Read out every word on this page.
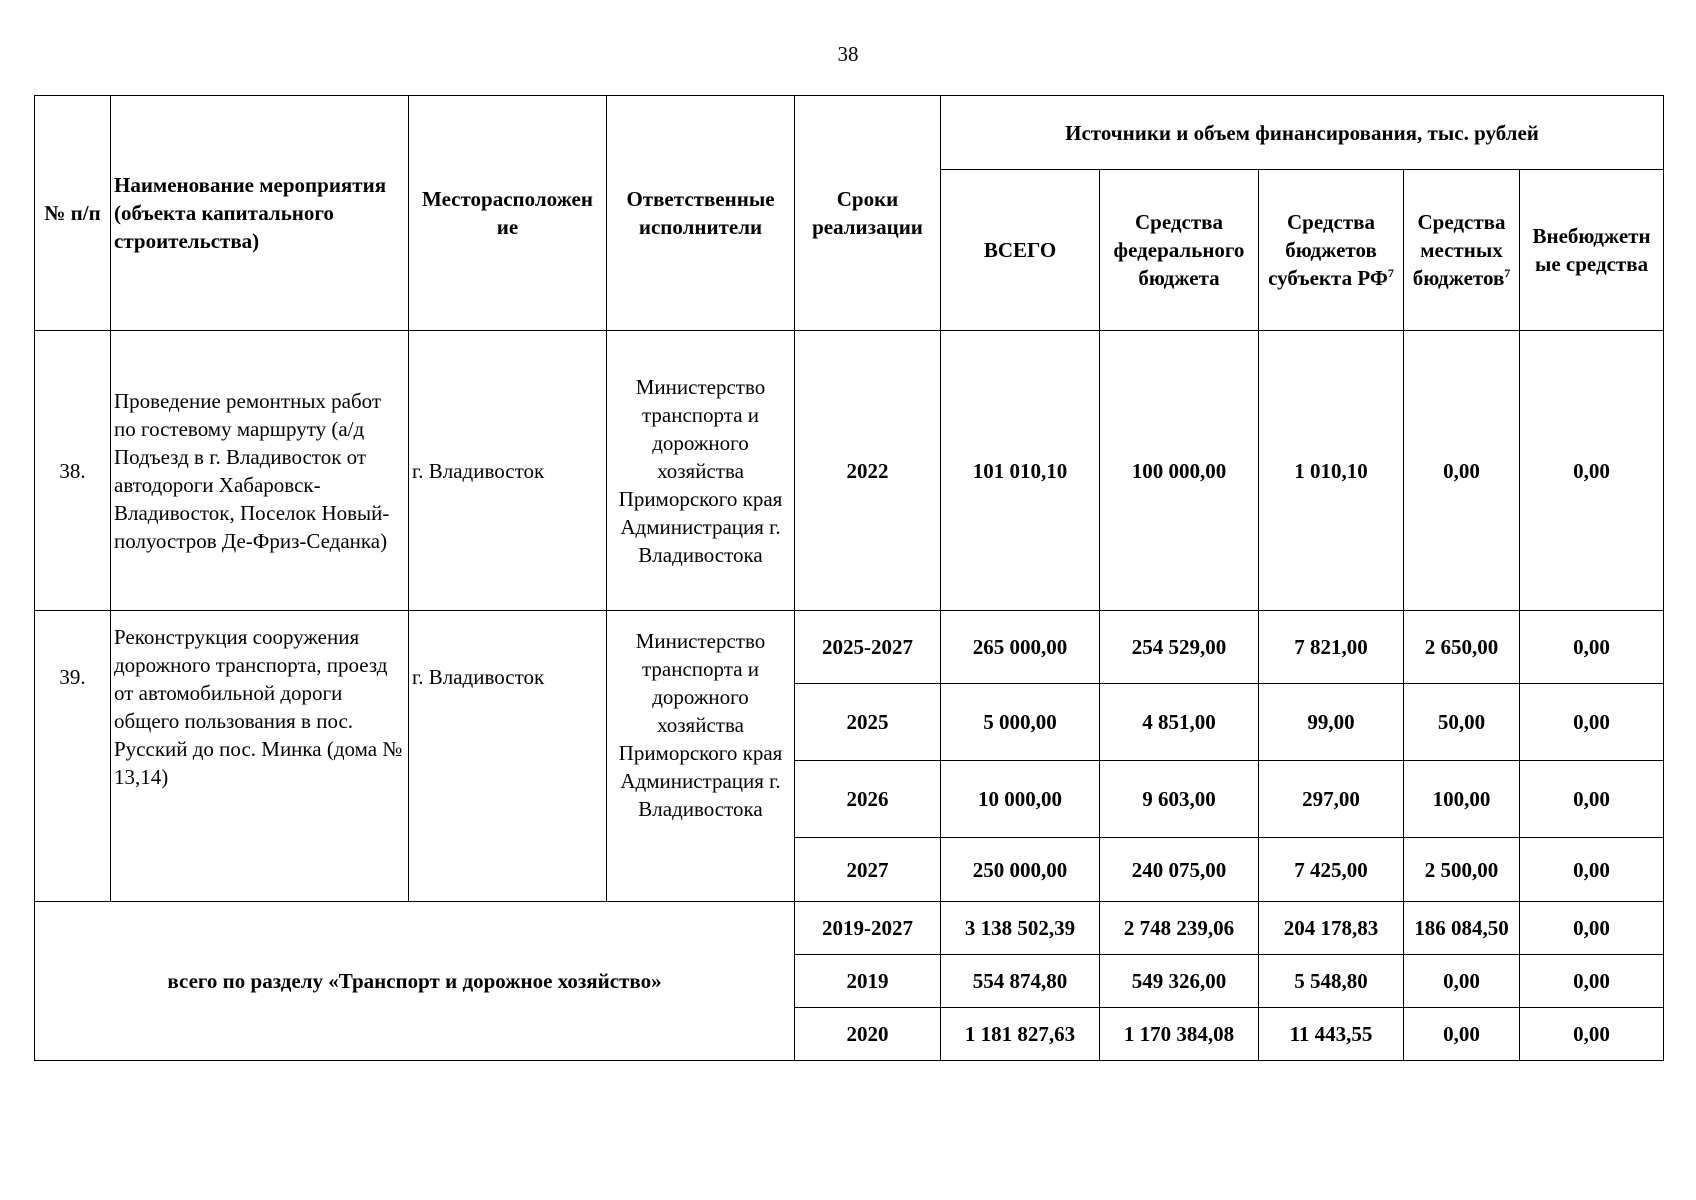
38
№ п/п	Наименование мероприятия (объекта капитального строительства)	Месторасположен ие	Ответственные исполнители	Сроки реализации	Источники и объем финансирования, тыс. рублей				
					ВСЕГО	Средства федерального бюджета	Средства бюджетов субъекта $РФ^7$	Средства местных бюджетов$^7$	Внебюджетн ые средства
38.	Проведение ремонтных работ по гостевому маршруту (а/д Подъезд в г. Владивосток от автодороги Хабаровск-Владивосток, Поселок Новый-полуостров Де-Фриз-Седанка)	г. Владивосток	Министерство транспорта и дорожного хозяйства Приморского края Администрация г. Владивостока	2022	101 010,10	100 000,00	1 010,10	0,00	0,00
39.	Реконструкция сооружения дорожного транспорта, проезд от автомобильной дороги общего пользования в пос. Русский до пос. Минка (дома № 13,14)	г. Владивосток	Министерство транспорта и дорожного хозяйства Приморского края Администрация г. Владивостока	2025-2027	265 000,00	254 529,00	7 821,00	2 650,00	0,00
				2025	5 000,00	4 851,00	99,00	50,00	0,00
				2026	10 000,00	9 603,00	297,00	100,00	0,00
				2027	250 000,00	240 075,00	7 425,00	2 500,00	0,00
всего по разделу «Транспорт и дорожное хозяйство»				2019-2027	3 138 502,39	2 748 239,06	204 178,83	186 084,50	0,00
				2019	554 874,80	549 326,00	5 548,80	0,00	0,00
				2020	1 181 827,63	1 170 384,08	11 443,55	0,00	0,00
